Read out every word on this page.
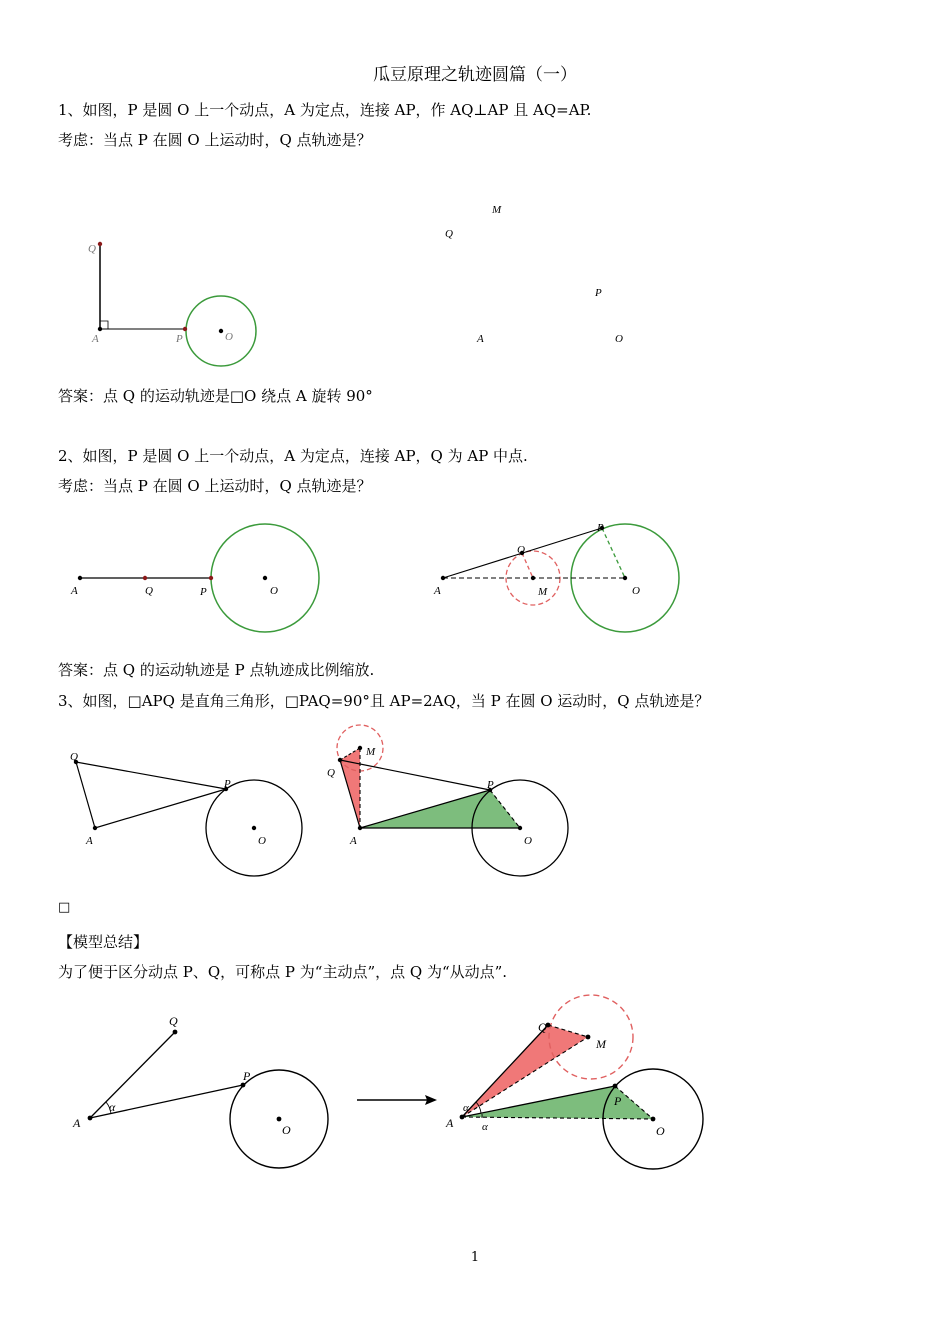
瓜豆原理之轨迹圆篇（一）
1、如图，P 是圆 O 上一个动点，A 为定点，连接 AP，作 AQ⊥AP 且 AQ=AP.
考虑：当点 P 在圆 O 上运动时，Q 点轨迹是？
Q
A	P	O
M
Q
P
A	O
答案：点 Q 的运动轨迹是□O 绕点 A 旋转 90°
2、如图，P 是圆 O 上一个动点，A 为定点，连接 AP，Q 为 AP 中点.
考虑：当点 P 在圆 O 上运动时，Q 点轨迹是？
A	Q	P	O
P
Q
A	M	O
答案：点 Q 的运动轨迹是 P 点轨迹成比例缩放.
3、如图，□APQ 是直角三角形，□PAQ=90°且 AP=2AQ，当 P 在圆 O 运动时，Q 点轨迹是？
Q
A
P
O
M
Q
P
A	O
□
【模型总结】
为了便于区分动点 P、Q，可称点 P 为“主动点”，点 Q 为“从动点”.
Q
P
A	O
α
Q
M
P
A
O
α
α
1
